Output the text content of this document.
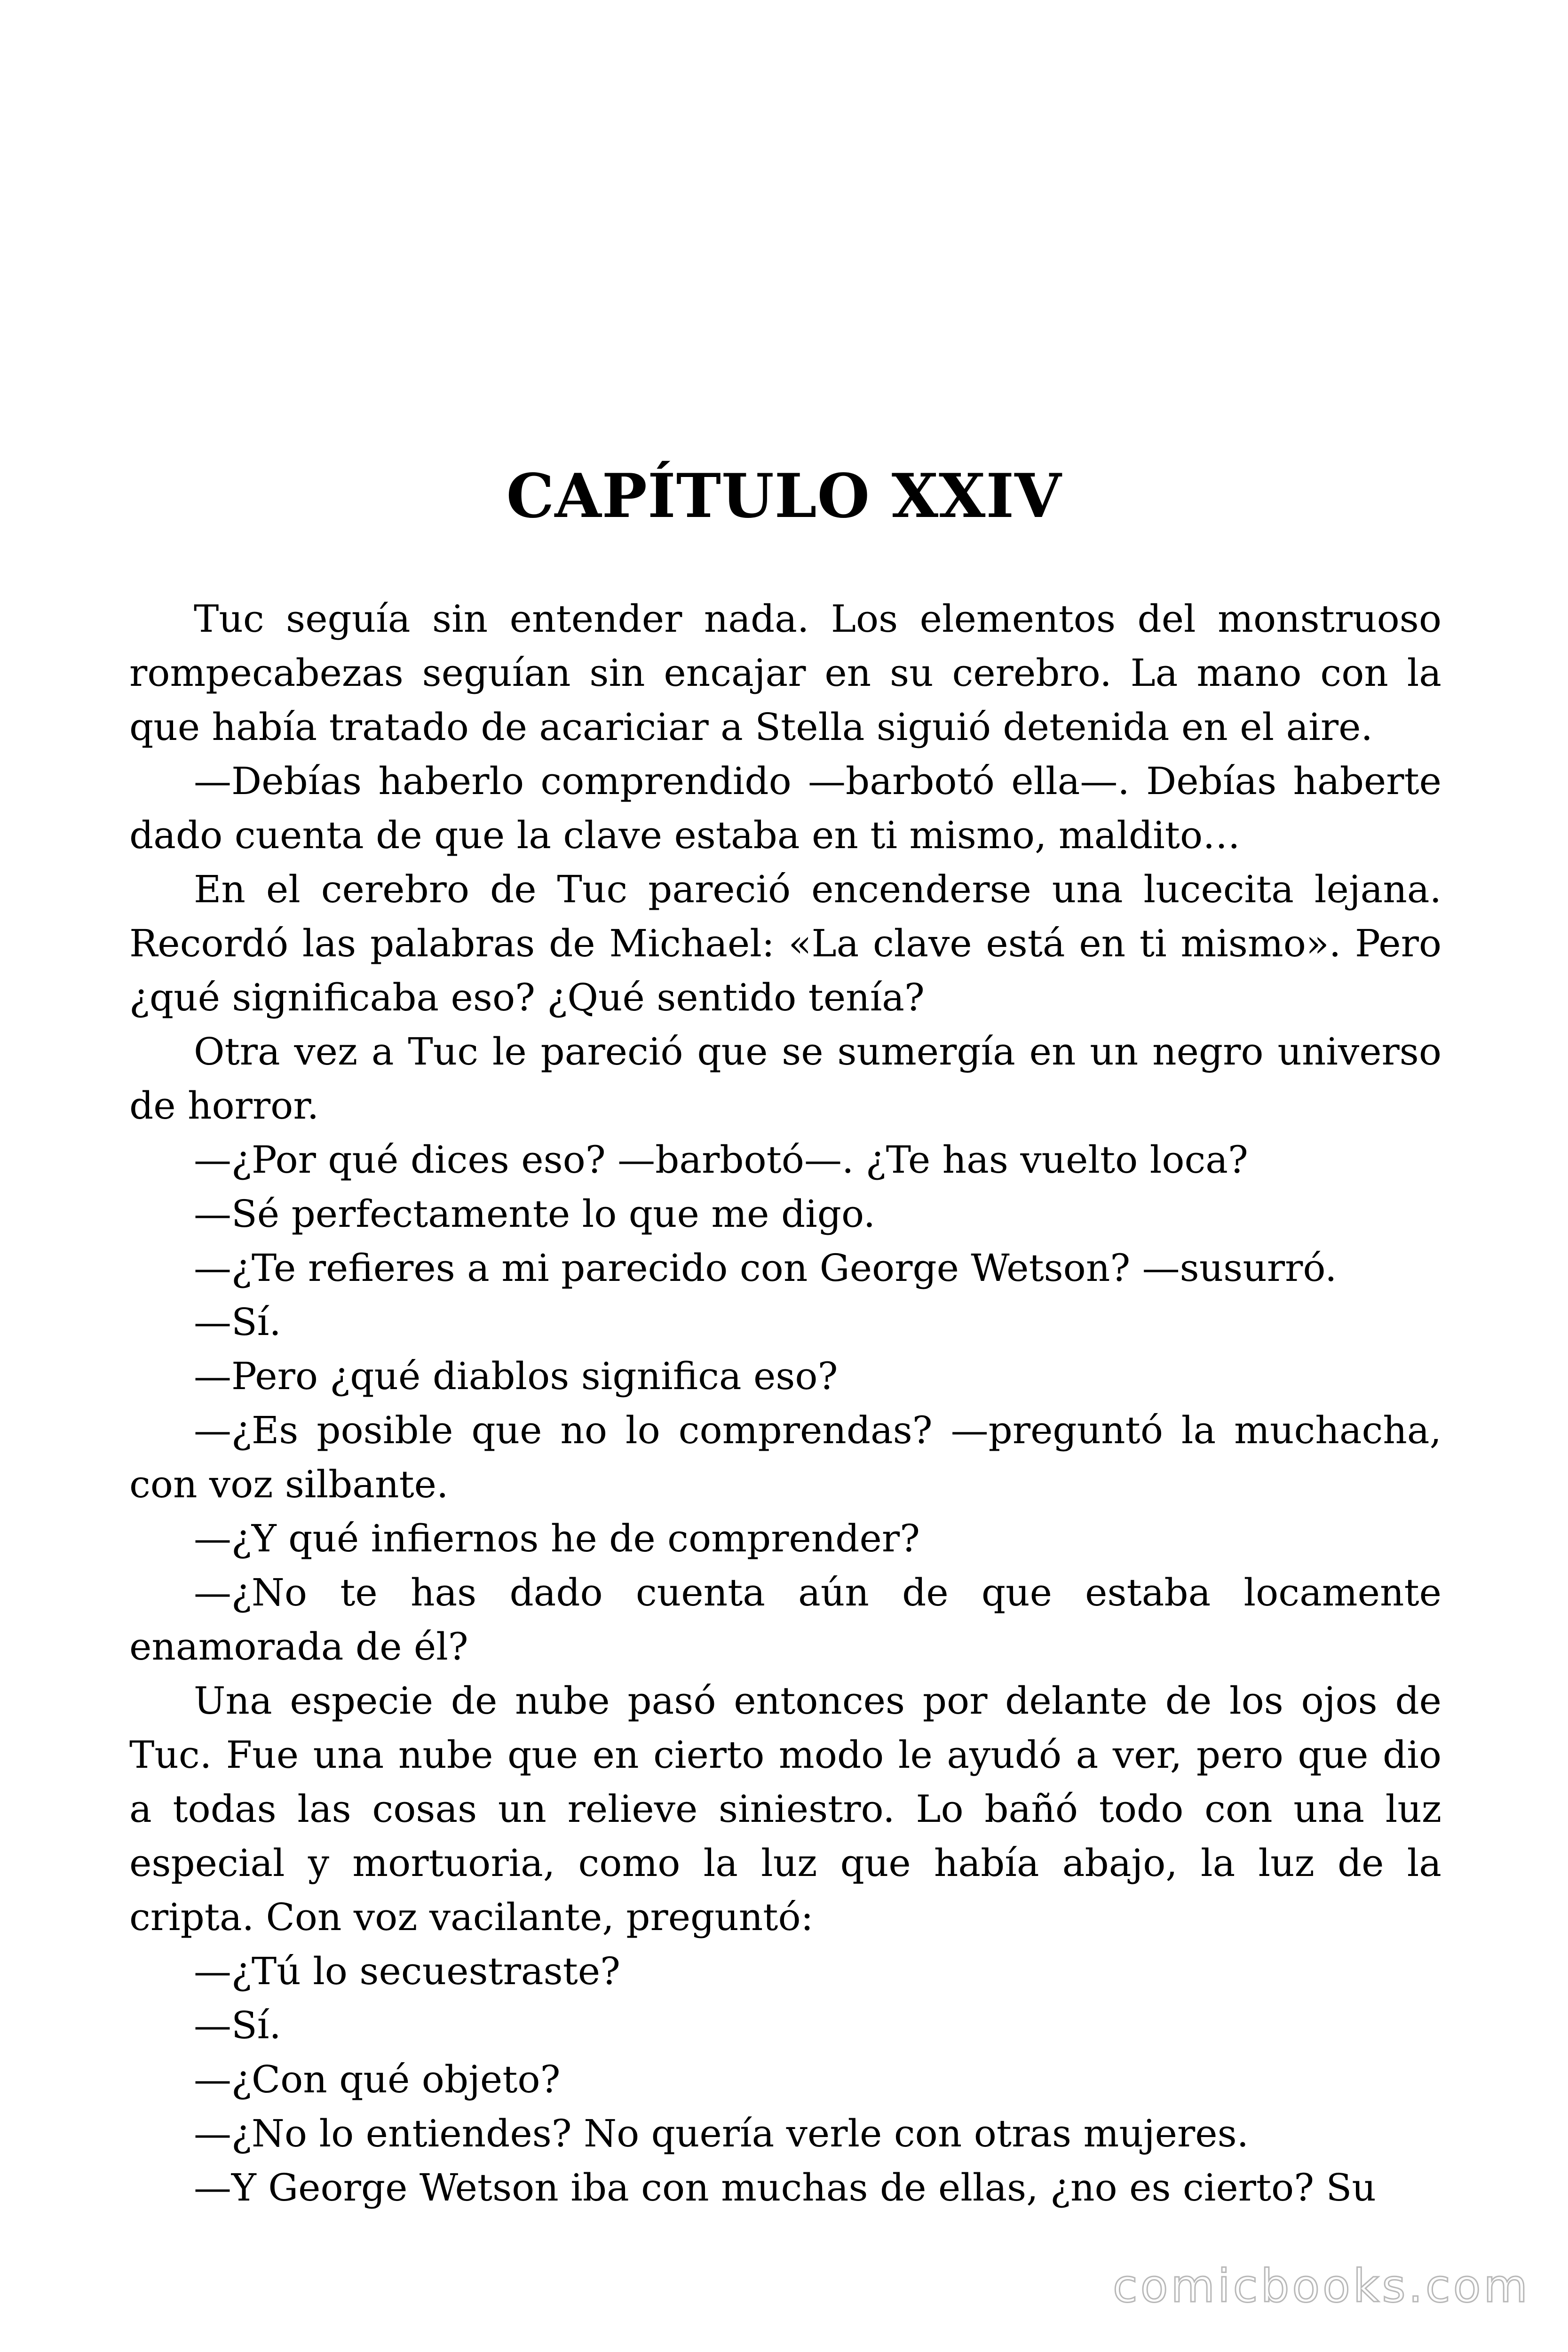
CAPÍTULO XXIV

Tuc seguía sin entender nada. Los elementos del monstruoso rompecabezas seguían sin encajar en su cerebro. La mano con la que había tratado de acariciar a Stella siguió detenida en el aire.

—Debías haberlo comprendido —barbotó ella—. Debías haberte dado cuenta de que la clave estaba en ti mismo, maldito…

En el cerebro de Tuc pareció encenderse una lucecita lejana. Recordó las palabras de Michael: «La clave está en ti mismo». Pero ¿qué significaba eso? ¿Qué sentido tenía?

Otra vez a Tuc le pareció que se sumergía en un negro universo de horror.

—¿Por qué dices eso? —barbotó—. ¿Te has vuelto loca?

—Sé perfectamente lo que me digo.

—¿Te refieres a mi parecido con George Wetson? —susurró.

—Sí.

—Pero ¿qué diablos significa eso?

—¿Es posible que no lo comprendas? —preguntó la muchacha, con voz silbante.

—¿Y qué infiernos he de comprender?

—¿No te has dado cuenta aún de que estaba locamente enamorada de él?

Una especie de nube pasó entonces por delante de los ojos de Tuc. Fue una nube que en cierto modo le ayudó a ver, pero que dio a todas las cosas un relieve siniestro. Lo bañó todo con una luz especial y mortuoria, como la luz que había abajo, la luz de la cripta. Con voz vacilante, preguntó:

—¿Tú lo secuestraste?

—Sí.

—¿Con qué objeto?

—¿No lo entiendes? No quería verle con otras mujeres.

—Y George Wetson iba con muchas de ellas, ¿no es cierto? Su

comicbooks.com
